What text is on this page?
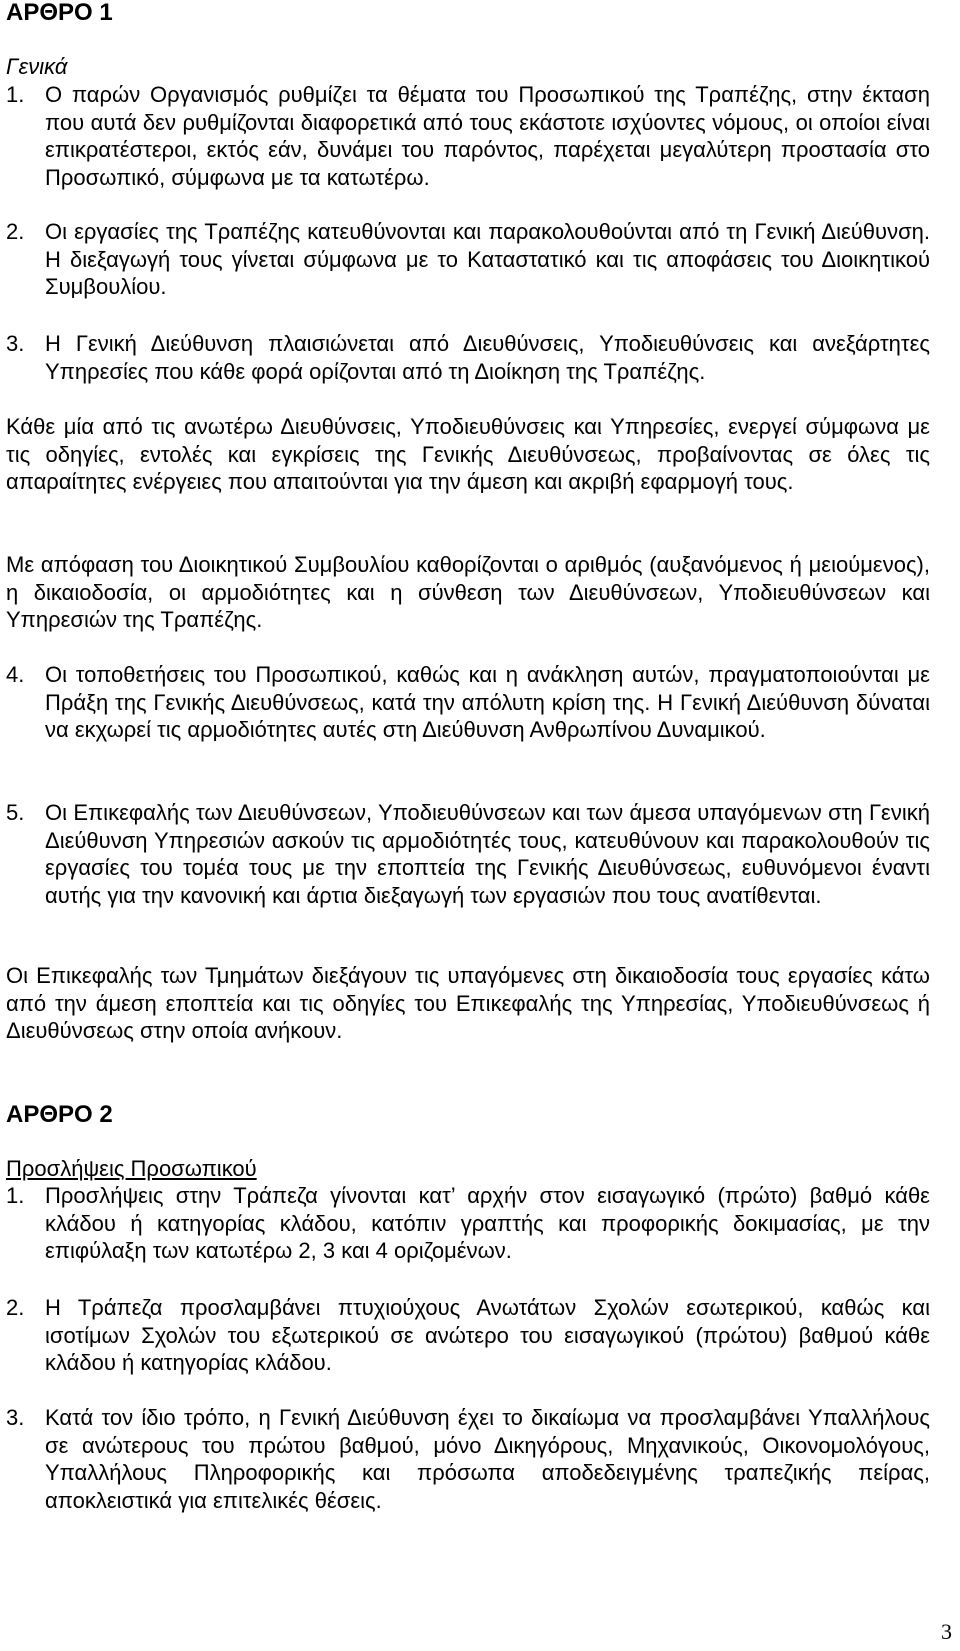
ΑΡΘΡΟ 1
Γενικά
1. Ο παρών Οργανισμός ρυθμίζει τα θέματα του Προσωπικού της Τραπέζης, στην έκταση που αυτά δεν ρυθμίζονται διαφορετικά από τους εκάστοτε ισχύοντες νόμους, οι οποίοι είναι επικρατέστεροι, εκτός εάν, δυνάμει του παρόντος, παρέχεται μεγαλύτερη προστασία στο Προσωπικό, σύμφωνα με τα κατωτέρω.
2. Οι εργασίες της Τραπέζης κατευθύνονται και παρακολουθούνται από τη Γενική Διεύθυνση. Η διεξαγωγή τους γίνεται σύμφωνα με το Καταστατικό και τις αποφάσεις του Διοικητικού Συμβουλίου.
3. Η Γενική Διεύθυνση πλαισιώνεται από Διευθύνσεις, Υποδιευθύνσεις και ανεξάρτητες Υπηρεσίες που κάθε φορά ορίζονται από τη Διοίκηση της Τραπέζης.
Κάθε μία από τις ανωτέρω Διευθύνσεις, Υποδιευθύνσεις και Υπηρεσίες, ενεργεί σύμφωνα με τις οδηγίες, εντολές και εγκρίσεις της Γενικής Διευθύνσεως, προβαίνοντας σε όλες τις απαραίτητες ενέργειες που απαιτούνται για την άμεση και ακριβή εφαρμογή τους.
Με απόφαση του Διοικητικού Συμβουλίου καθορίζονται ο αριθμός (αυξανόμενος ή μειούμενος), η δικαιοδοσία, οι αρμοδιότητες και η σύνθεση των Διευθύνσεων, Υποδιευθύνσεων και Υπηρεσιών της Τραπέζης.
4. Οι τοποθετήσεις του Προσωπικού, καθώς και η ανάκληση αυτών, πραγματοποιούνται με Πράξη της Γενικής Διευθύνσεως, κατά την απόλυτη κρίση της. Η Γενική Διεύθυνση δύναται να εκχωρεί τις αρμοδιότητες αυτές στη Διεύθυνση Ανθρωπίνου Δυναμικού.
5. Οι Επικεφαλής των Διευθύνσεων, Υποδιευθύνσεων και των άμεσα υπαγόμενων στη Γενική Διεύθυνση Υπηρεσιών ασκούν τις αρμοδιότητές τους, κατευθύνουν και παρακολουθούν τις εργασίες του τομέα τους με την εποπτεία της Γενικής Διευθύνσεως, ευθυνόμενοι έναντι αυτής για την κανονική και άρτια διεξαγωγή των εργασιών που τους ανατίθενται.
Οι Επικεφαλής των Τμημάτων διεξάγουν τις υπαγόμενες στη δικαιοδοσία τους εργασίες κάτω από την άμεση εποπτεία και τις οδηγίες του Επικεφαλής της Υπηρεσίας, Υποδιευθύνσεως ή Διευθύνσεως στην οποία ανήκουν.
ΑΡΘΡΟ 2
Προσλήψεις Προσωπικού
1. Προσλήψεις στην Τράπεζα γίνονται κατ’ αρχήν στον εισαγωγικό (πρώτο) βαθμό κάθε κλάδου ή κατηγορίας κλάδου, κατόπιν γραπτής και προφορικής δοκιμασίας, με την επιφύλαξη των κατωτέρω 2, 3 και 4 οριζομένων.
2. Η Τράπεζα προσλαμβάνει πτυχιούχους Ανωτάτων Σχολών εσωτερικού, καθώς και ισοτίμων Σχολών του εξωτερικού σε ανώτερο του εισαγωγικού (πρώτου) βαθμού κάθε κλάδου ή κατηγορίας κλάδου.
3. Κατά τον ίδιο τρόπο, η Γενική Διεύθυνση έχει το δικαίωμα να προσλαμβάνει Υπαλλήλους σε ανώτερους του πρώτου βαθμού, μόνο Δικηγόρους, Μηχανικούς, Οικονομολόγους, Υπαλλήλους Πληροφορικής και πρόσωπα αποδεδειγμένης τραπεζικής πείρας, αποκλειστικά για επιτελικές θέσεις.
3
